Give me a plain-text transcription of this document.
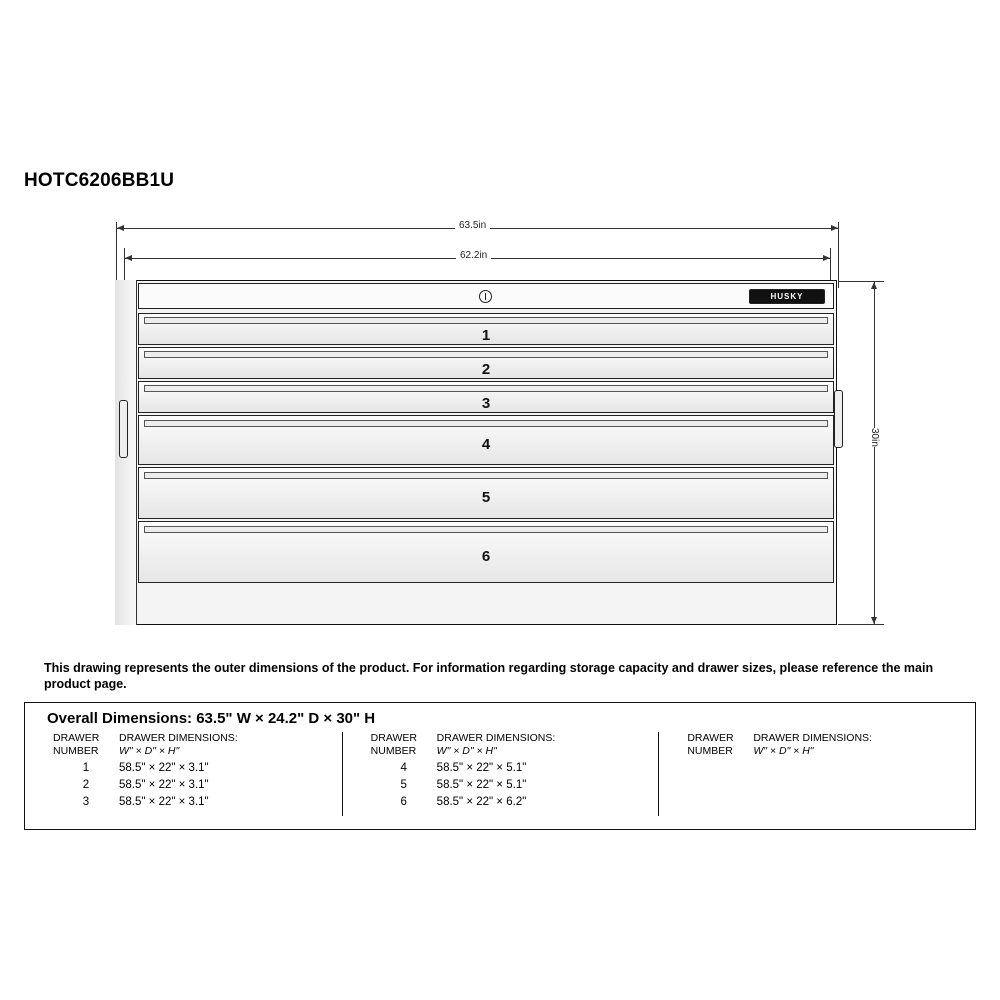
HOTC6206BB1U
63.5in
62.2in
30in
HUSKY
1
2
3
4
5
6
This drawing represents the outer dimensions of the product. For information regarding storage capacity and drawer sizes, please reference the main product page.
Overall Dimensions: 63.5" W × 24.2" D × 30" H
DRAWER
NUMBER
DRAWER DIMENSIONS:
W" × D" × H"
1	58.5" × 22" × 3.1"
2	58.5" × 22" × 3.1"
3	58.5" × 22" × 3.1"
DRAWER
NUMBER
DRAWER DIMENSIONS:
W" × D" × H"
4	58.5" × 22" × 5.1"
5	58.5" × 22" × 5.1"
6	58.5" × 22" × 6.2"
DRAWER
NUMBER
DRAWER DIMENSIONS:
W" × D" × H"
